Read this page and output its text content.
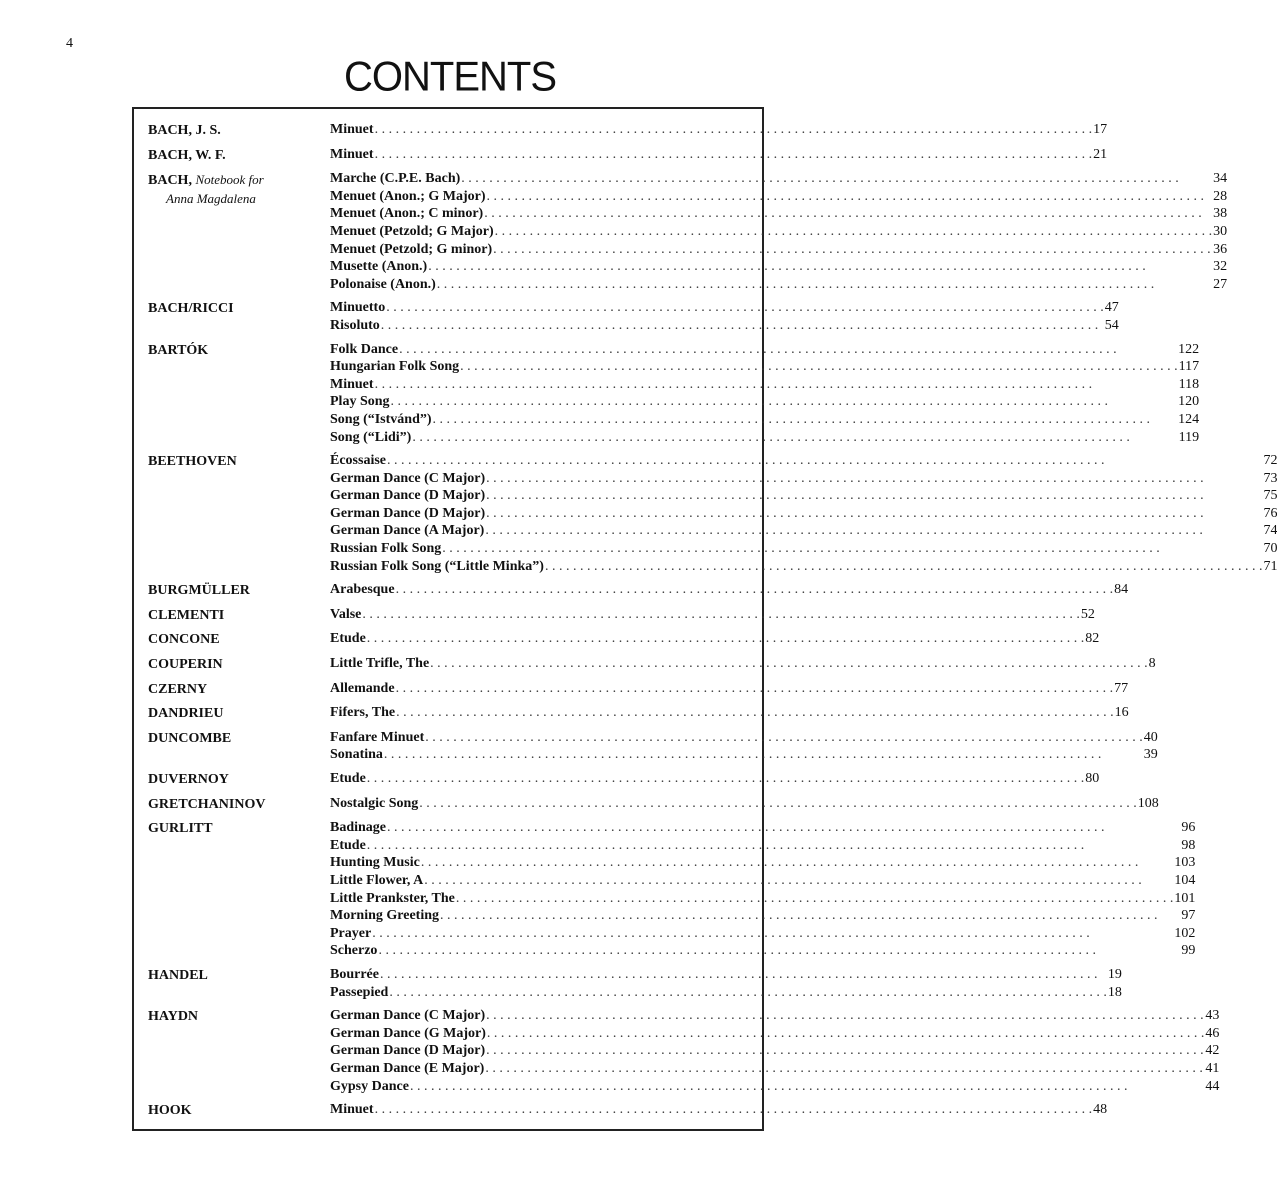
4
CONTENTS
BACH, J. S.	Minuet . . .	17
BACH, W. F.	Minuet . . .	21
BACH, Notebook for
Anna Magdalena
Marche (C.P.E. Bach) . . .	34
Menuet (Anon.; G Major) . . .	28
Menuet (Anon.; C minor) . . .	38
Menuet (Petzold; G Major) . . .	30
Menuet (Petzold; G minor) . . .	36
Musette (Anon.) . . .	32
Polonaise (Anon.) . . .	27
BACH/RICCI	Minuetto . . .	47
Risoluto . . .	54
BARTÓK	Folk Dance . . .	122
Hungarian Folk Song . . .	117
Minuet . . .	118
Play Song . . .	120
Song (“Istvánd”) . . .	124
Song (“Lidi”) . . .	119
BEETHOVEN	Écossaise . . .	72
German Dance (C Major) . . .	73
German Dance (D Major) . . .	75
German Dance (D Major) . . .	76
German Dance (A Major) . . .	74
Russian Folk Song . . .	70
Russian Folk Song (“Little Minka”) . . .	71
BURGMÜLLER	Arabesque . . .	84
CLEMENTI	Valse . . .	52
CONCONE	Etude . . .	82
COUPERIN	Little Trifle, The . . .	8
CZERNY	Allemande . . .	77
DANDRIEU	Fifers, The . . .	16
DUNCOMBE	Fanfare Minuet . . .	40
Sonatina . . .	39
DUVERNOY	Etude . . .	80
GRETCHANINOV	Nostalgic Song . . .	108
GURLITT	Badinage . . .	96
Etude . . .	98
Hunting Music . . .	103
Little Flower, A . . .	104
Little Prankster, The . . .	101
Morning Greeting . . .	97
Prayer . . .	102
Scherzo . . .	99
HANDEL	Bourrée . . .	19
Passepied . . .	18
HAYDN	German Dance (C Major) . . .	43
German Dance (G Major) . . .	46
German Dance (D Major) . . .	42
German Dance (E Major) . . .	41
Gypsy Dance . . .	44
HOOK	Minuet . . .	48
